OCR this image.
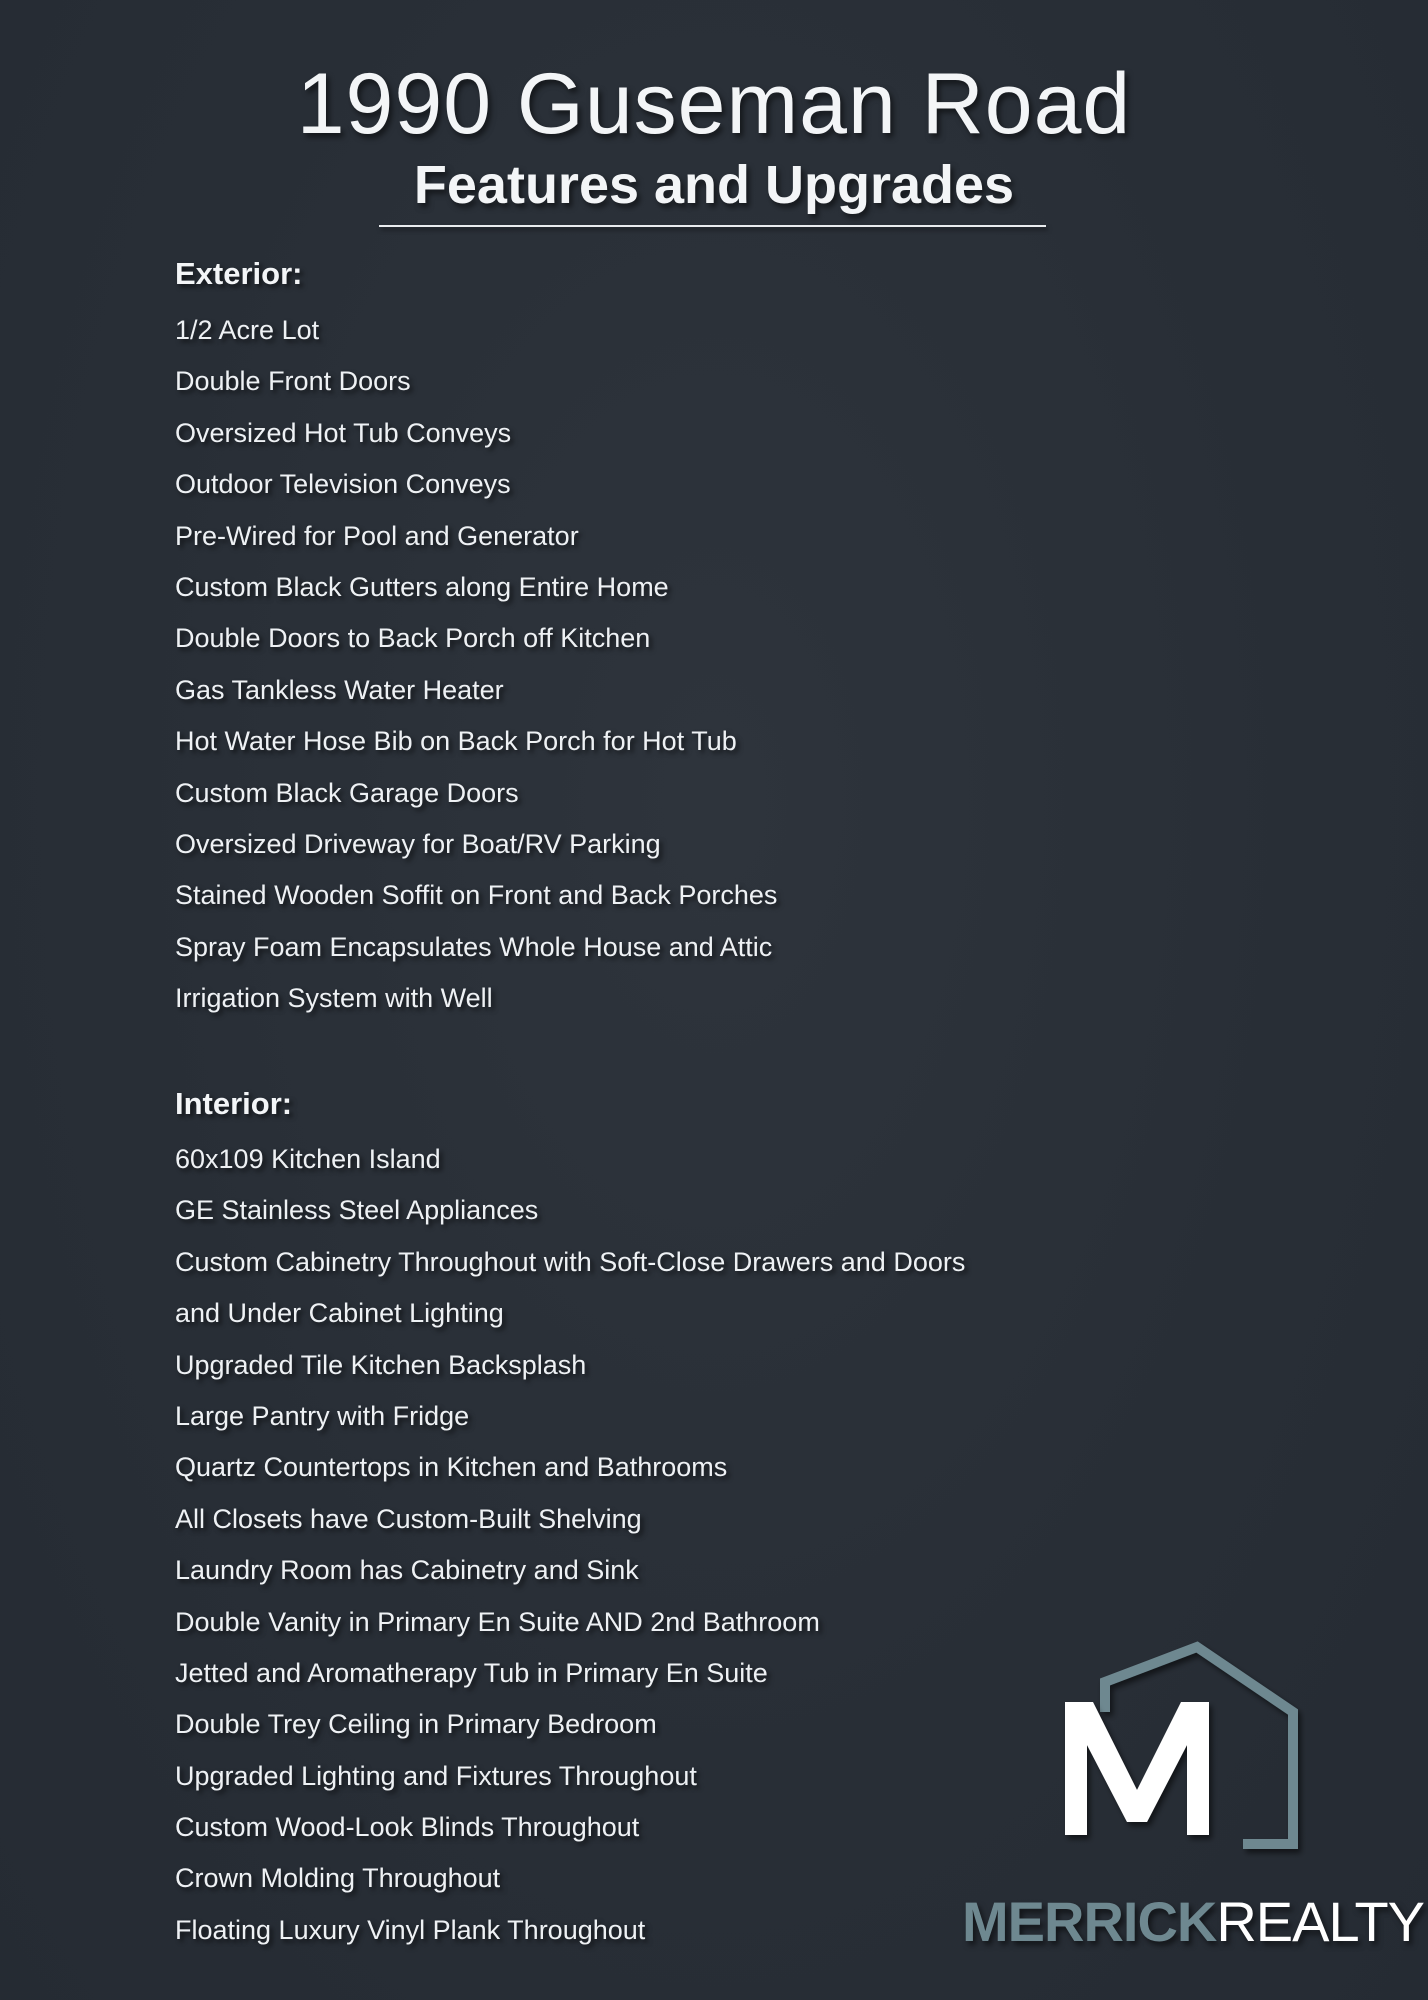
1990 Guseman Road
Features and Upgrades
Exterior:
1/2 Acre Lot
Double Front Doors
Oversized Hot Tub Conveys
Outdoor Television Conveys
Pre-Wired for Pool and Generator
Custom Black Gutters along Entire Home
Double Doors to Back Porch off Kitchen
Gas Tankless Water Heater
Hot Water Hose Bib on Back Porch for Hot Tub
Custom Black Garage Doors
Oversized Driveway for Boat/RV Parking
Stained Wooden Soffit on Front and Back Porches
Spray Foam Encapsulates Whole House and Attic
Irrigation System with Well
Interior:
60x109 Kitchen Island
GE Stainless Steel Appliances
Custom Cabinetry Throughout with Soft-Close Drawers and Doors
and Under Cabinet Lighting
Upgraded Tile Kitchen Backsplash
Large Pantry with Fridge
Quartz Countertops in Kitchen and Bathrooms
All Closets have Custom-Built Shelving
Laundry Room has Cabinetry and Sink
Double Vanity in Primary En Suite AND 2nd Bathroom
Jetted and Aromatherapy Tub in Primary En Suite
Double Trey Ceiling in Primary Bedroom
Upgraded Lighting and Fixtures Throughout
Custom Wood-Look Blinds Throughout
Crown Molding Throughout
Floating Luxury Vinyl Plank Throughout	MERRICKREALTY
